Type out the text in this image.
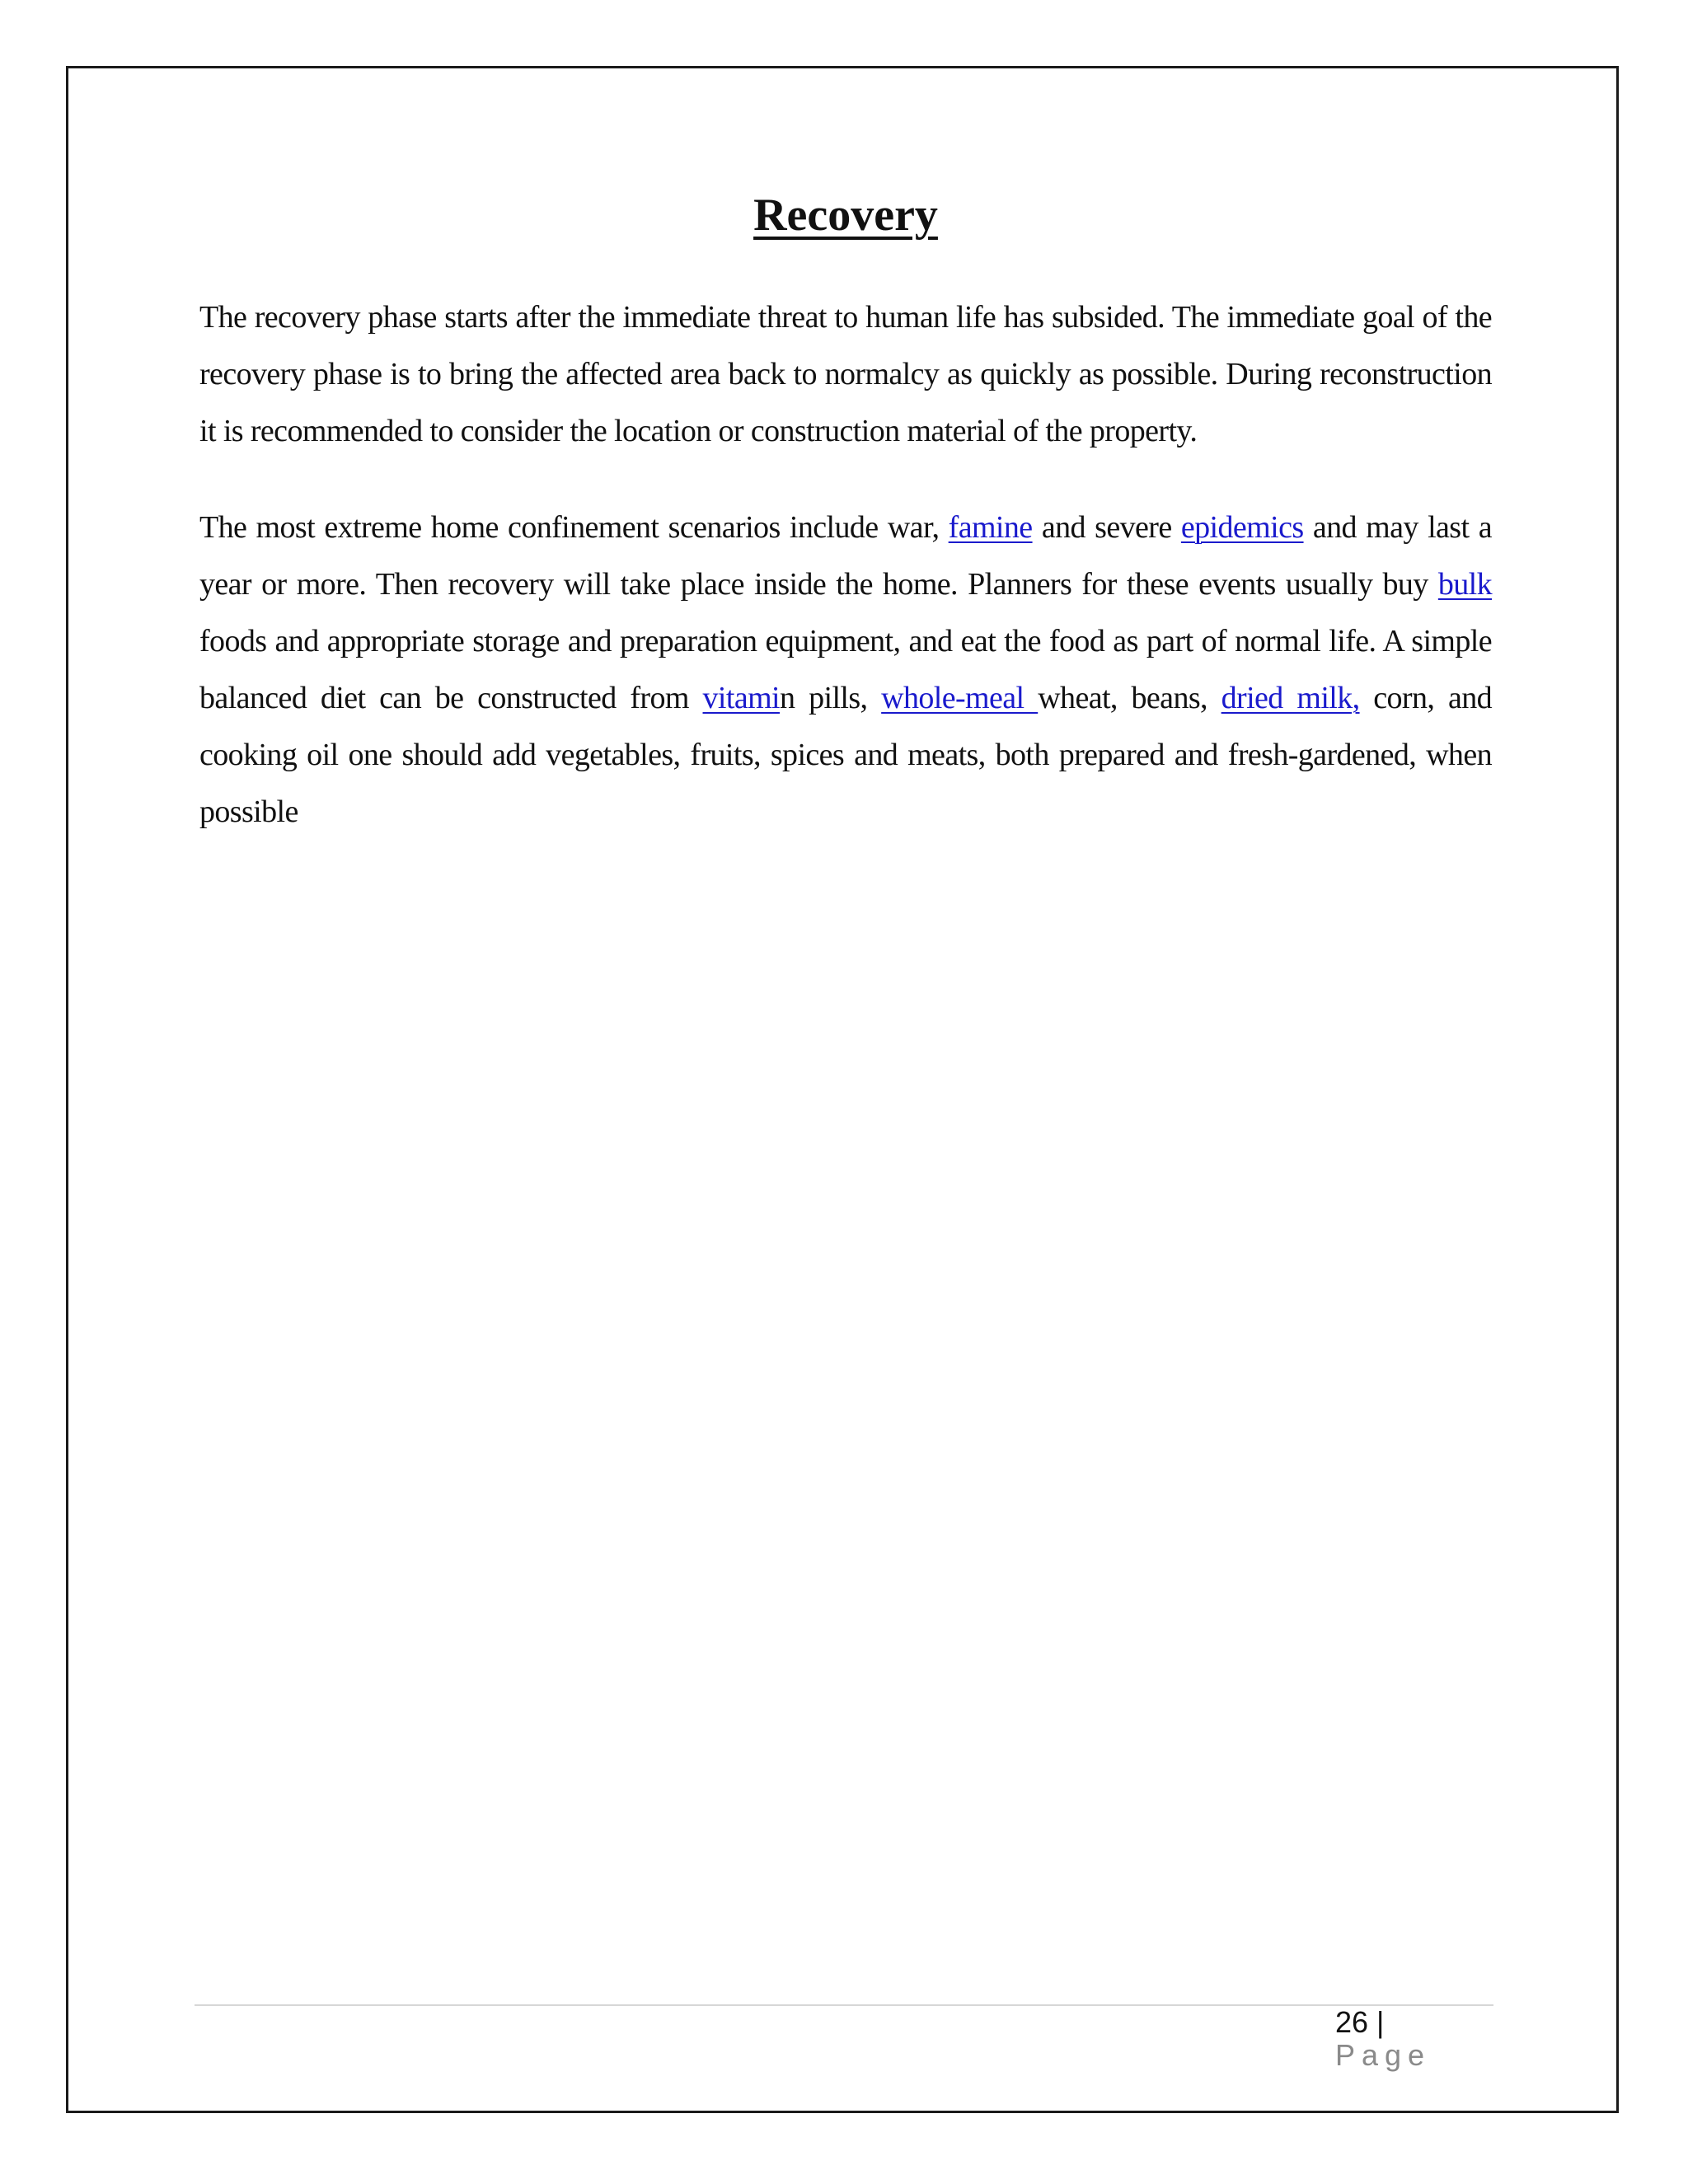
Recovery

The recovery phase starts after the immediate threat to human life has subsided. The immediate goal of the recovery phase is to bring the affected area back to normalcy as quickly as possible. During reconstruction it is recommended to consider the location or construction material of the property.

The most extreme home confinement scenarios include war, famine and severe epidemics and may last a year or more. Then recovery will take place inside the home. Planners for these events usually buy bulk foods and appropriate storage and preparation equipment, and eat the food as part of normal life. A simple balanced diet can be constructed from vitamin pills, whole-meal wheat, beans, dried milk, corn, and cooking oil one should add vegetables, fruits, spices and meats, both prepared and fresh-gardened, when possible

26 | Page
